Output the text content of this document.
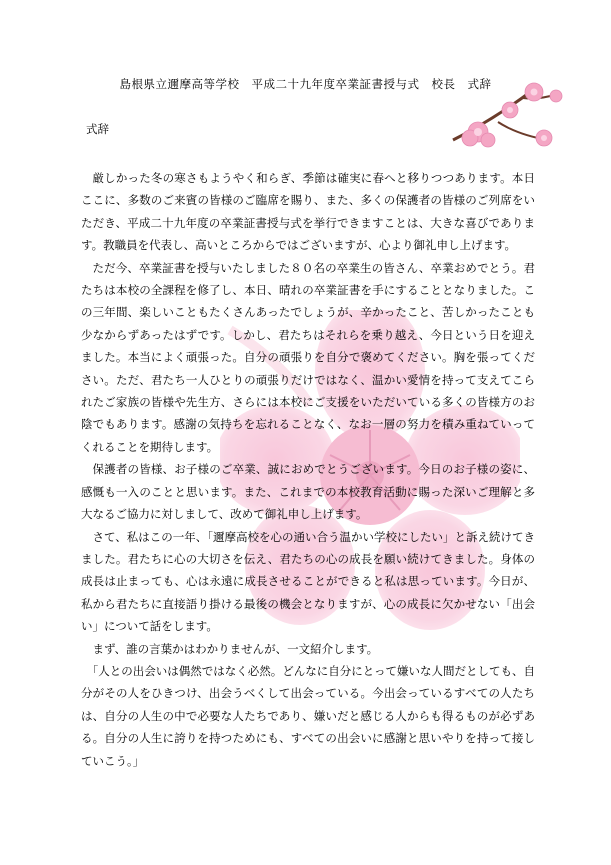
島根県立邇摩高等学校　平成二十九年度卒業証書授与式　校長　式辞
式辞

厳しかった冬の寒さもようやく和らぎ、季節は確実に春へと移りつつあります。本日ここに、多数のご来賓の皆様のご臨席を賜り、また、多くの保護者の皆様のご列席をいただき、平成二十九年度の卒業証書授与式を挙行できますことは、大きな喜びであります。教職員を代表し、高いところからではございますが、心より御礼申し上げます。

ただ今、卒業証書を授与いたしました８０名の卒業生の皆さん、卒業おめでとう。君たちは本校の全課程を修了し、本日、晴れの卒業証書を手にすることとなりました。この三年間、楽しいこともたくさんあったでしょうが、辛かったこと、苦しかったことも少なからずあったはずです。しかし、君たちはそれらを乗り越え、今日という日を迎えました。本当によく頑張った。自分の頑張りを自分で褒めてください。胸を張ってください。ただ、君たち一人ひとりの頑張りだけではなく、温かい愛情を持って支えてこられたご家族の皆様や先生方、さらには本校にご支援をいただいている多くの皆様方のお陰でもあります。感謝の気持ちを忘れることなく、なお一層の努力を積み重ねていってくれることを期待します。

保護者の皆様、お子様のご卒業、誠におめでとうございます。今日のお子様の姿に、感慨も一入のことと思います。また、これまでの本校教育活動に賜った深いご理解と多大なるご協力に対しまして、改めて御礼申し上げます。

さて、私はこの一年、「邇摩高校を心の通い合う温かい学校にしたい」と訴え続けてきました。君たちに心の大切さを伝え、君たちの心の成長を願い続けてきました。身体の成長は止まっても、心は永遠に成長させることができると私は思っています。今日が、私から君たちに直接語り掛ける最後の機会となりますが、心の成長に欠かせない「出会い」について話をします。

まず、誰の言葉かはわかりませんが、一文紹介します。

「人との出会いは偶然ではなく必然。どんなに自分にとって嫌いな人間だとしても、自分がその人をひきつけ、出会うべくして出会っている。今出会っているすべての人たちは、自分の人生の中で必要な人たちであり、嫌いだと感じる人からも得るものが必ずある。自分の人生に誇りを持つためにも、すべての出会いに感謝と思いやりを持って接していこう。」
